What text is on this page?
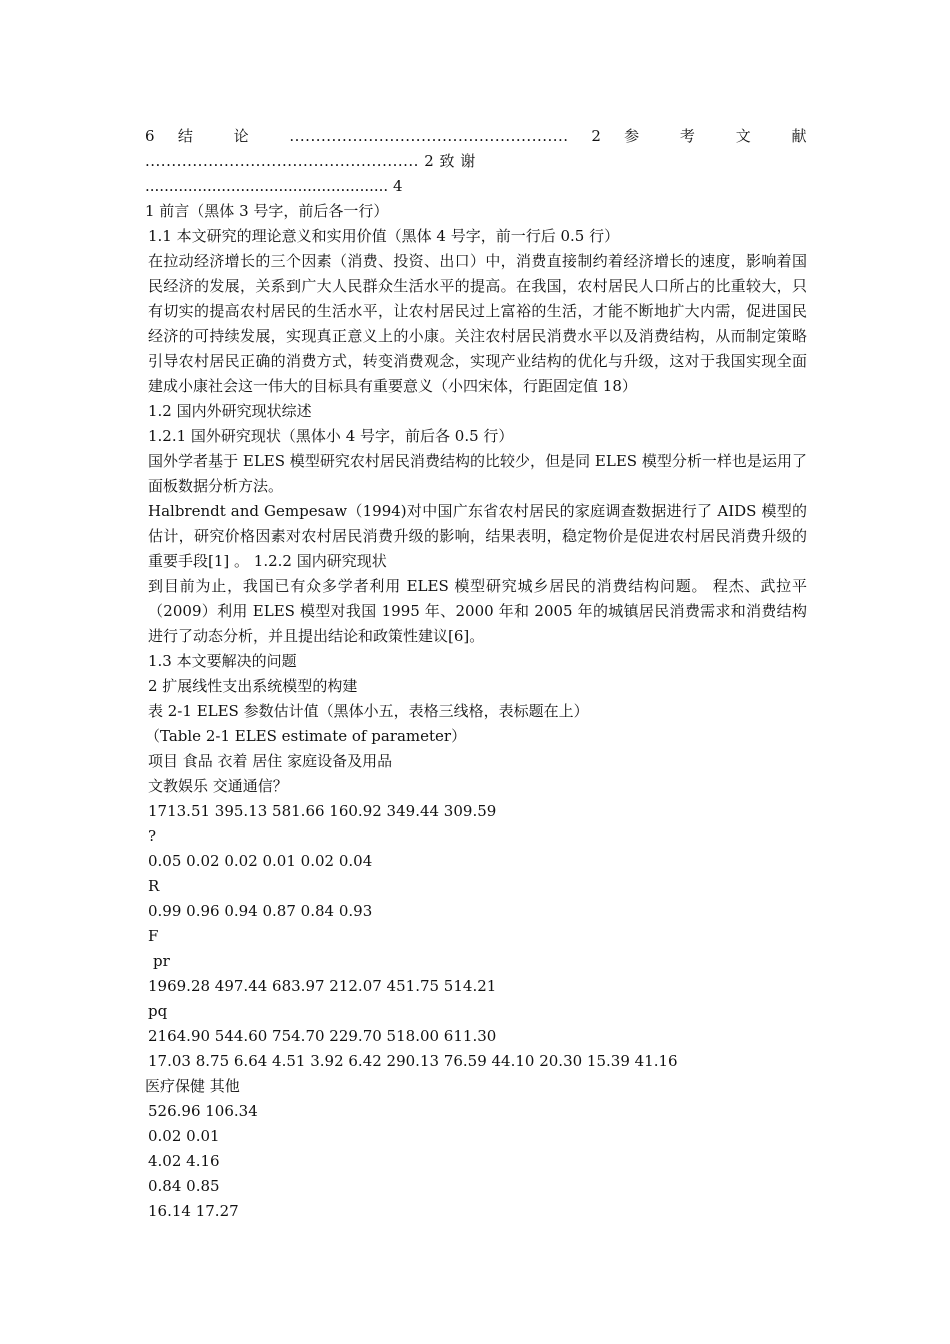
6 结 论 ..................................................... 2 参 考 文 献 .................................................... 2 致 谢
................................................... 4
1 前言（黑体 3 号字，前后各一行）
1.1 本文研究的理论意义和实用价值（黑体 4 号字，前一行后 0.5 行）
在拉动经济增长的三个因素（消费、投资、出口）中，消费直接制约着经济增长的速度，影响着国民经济的发展，关系到广大人民群众生活水平的提高。在我国，农村居民人口所占的比重较大，只有切实的提高农村居民的生活水平，让农村居民过上富裕的生活，才能不断地扩大内需，促进国民经济的可持续发展，实现真正意义上的小康。关注农村居民消费水平以及消费结构，从而制定策略引导农村居民正确的消费方式，转变消费观念，实现产业结构的优化与升级，这对于我国实现全面建成小康社会这一伟大的目标具有重要意义（小四宋体，行距固定值 18）
1.2 国内外研究现状综述
1.2.1 国外研究现状（黑体小 4 号字，前后各 0.5 行）
国外学者基于 ELES 模型研究农村居民消费结构的比较少，但是同 ELES 模型分析一样也是运用了面板数据分析方法。
Halbrendt and Gempesaw（1994)对中国广东省农村居民的家庭调查数据进行了 AIDS 模型的估计，研究价格因素对农村居民消费升级的影响，结果表明，稳定物价是促进农村居民消费升级的重要手段[1] 。 1.2.2 国内研究现状
到目前为止，我国已有众多学者利用 ELES 模型研究城乡居民的消费结构问题。 程杰、武拉平（2009）利用 ELES 模型对我国 1995 年、2000 年和 2005 年的城镇居民消费需求和消费结构进行了动态分析，并且提出结论和政策性建议[6]。
1.3 本文要解决的问题
2 扩展线性支出系统模型的构建
表 2-1 ELES 参数估计值（黑体小五，表格三线格，表标题在上）
（Table 2-1 ELES estimate of parameter）
项目 食品 衣着 居住 家庭设备及用品
文教娱乐 交通通信？
1713.51 395.13 581.66 160.92 349.44 309.59
?
0.05 0.02 0.02 0.01 0.02 0.04
R
0.99 0.96 0.94 0.87 0.84 0.93
F
pr
1969.28 497.44 683.97 212.07 451.75 514.21
pq
2164.90 544.60 754.70 229.70 518.00 611.30
17.03 8.75 6.64 4.51 3.92 6.42 290.13 76.59 44.10 20.30 15.39 41.16
医疗保健 其他
526.96 106.34
0.02 0.01
4.02 4.16
0.84 0.85
16.14 17.27
